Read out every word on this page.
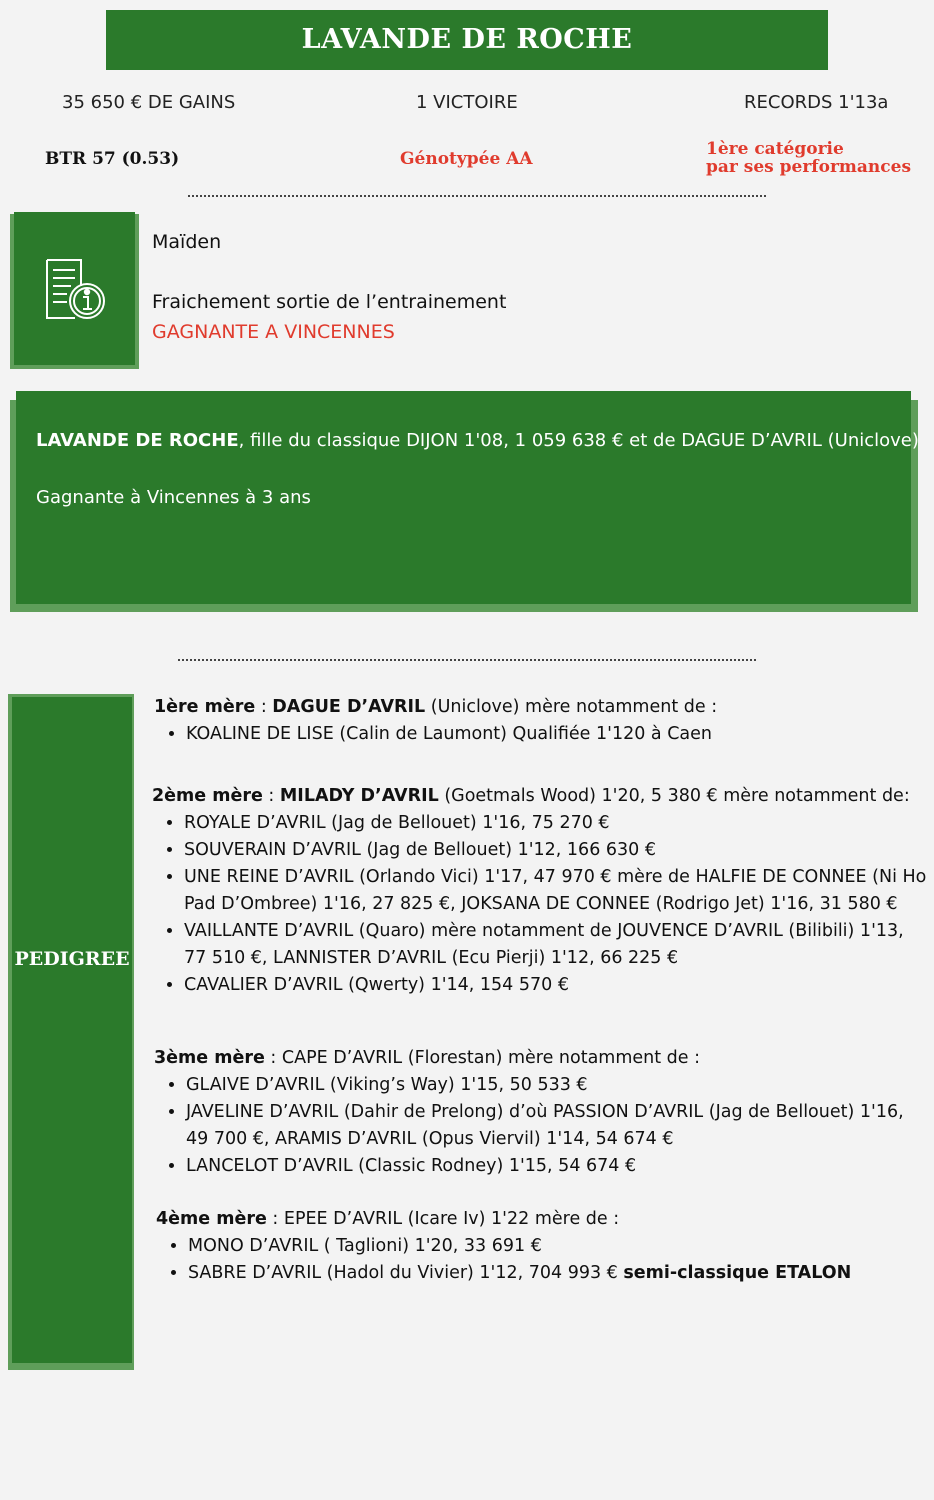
LAVANDE DE ROCHE
35 650 € DE GAINS	1 VICTOIRE	RECORDS 1'13a
BTR 57 (0.53)	Génotypée AA	1ère catégorie
par ses performances
Maïden
Fraichement sortie de l’entrainement
GAGNANTE A VINCENNES
LAVANDE DE ROCHE, fille du classique DIJON 1'08, 1 059 638 € et de DAGUE D’AVRIL (Uniclove)
Gagnante à Vincennes à 3 ans
PEDIGREE
1ère mère : DAGUE D’AVRIL (Uniclove) mère notamment de :
• KOALINE DE LISE (Calin de Laumont) Qualifiée 1'120 à Caen
2ème mère : MILADY D’AVRIL (Goetmals Wood) 1'20, 5 380 € mère notamment de:
• ROYALE D’AVRIL (Jag de Bellouet) 1'16, 75 270 €
• SOUVERAIN D’AVRIL (Jag de Bellouet) 1'12, 166 630 €
• UNE REINE D’AVRIL (Orlando Vici) 1'17, 47 970 € mère de HALFIE DE CONNEE (Ni Ho Pad D’Ombree) 1'16, 27 825 €, JOKSANA DE CONNEE (Rodrigo Jet) 1'16, 31 580 €
• VAILLANTE D’AVRIL (Quaro) mère notamment de JOUVENCE D’AVRIL (Bilibili) 1'13, 77 510 €, LANNISTER D’AVRIL (Ecu Pierji) 1'12, 66 225 €
• CAVALIER D’AVRIL (Qwerty) 1'14, 154 570 €
3ème mère : CAPE D’AVRIL (Florestan) mère notamment de :
• GLAIVE D’AVRIL (Viking’s Way) 1'15, 50 533 €
• JAVELINE D’AVRIL (Dahir de Prelong) d’où PASSION D’AVRIL (Jag de Bellouet) 1'16, 49 700 €, ARAMIS D’AVRIL (Opus Viervil) 1'14, 54 674 €
• LANCELOT D’AVRIL (Classic Rodney) 1'15, 54 674 €
4ème mère : EPEE D’AVRIL (Icare Iv) 1'22 mère de :
• MONO D’AVRIL ( Taglioni) 1'20, 33 691 €
• SABRE D’AVRIL (Hadol du Vivier) 1'12, 704 993 € semi-classique ETALON
